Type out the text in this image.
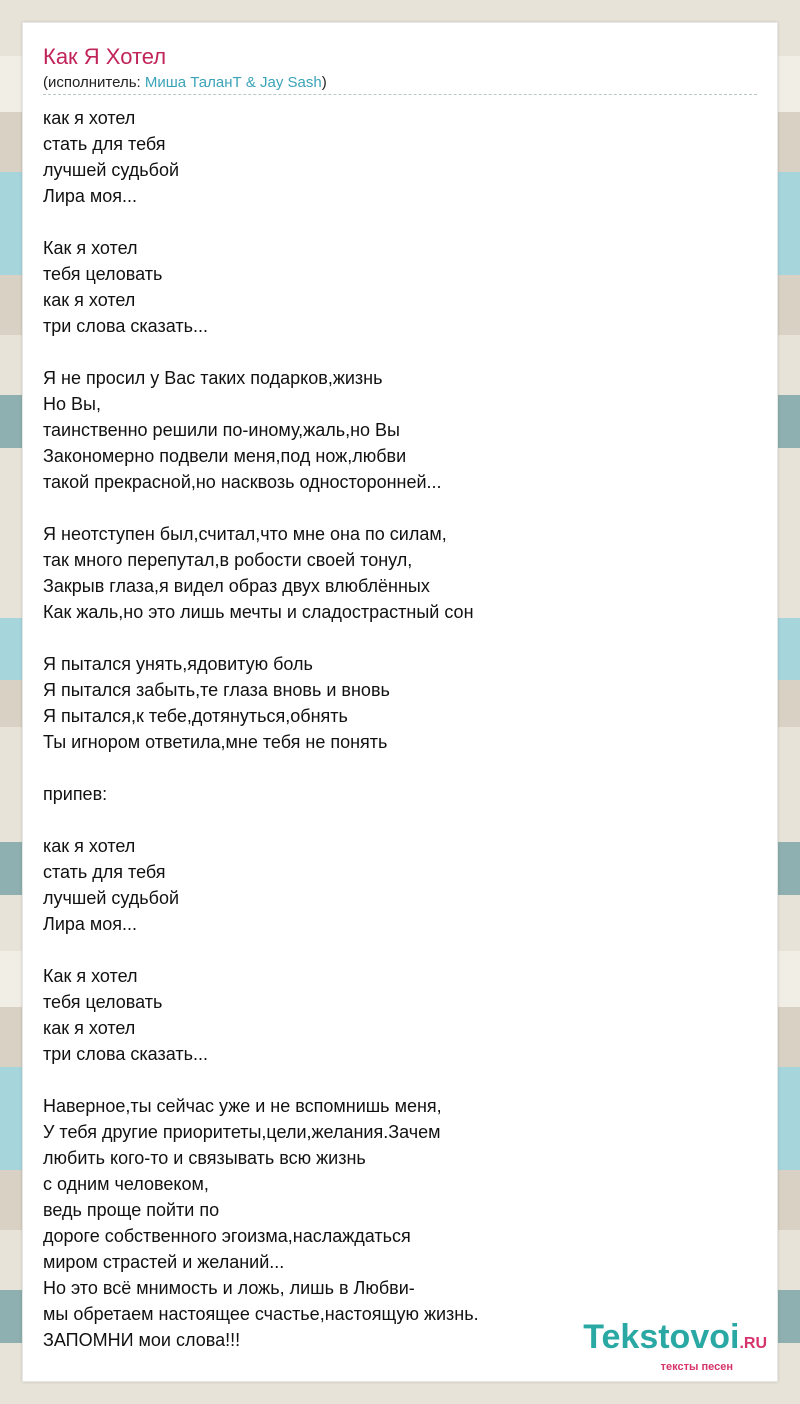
Как Я Хотел
(исполнитель: Миша ТаланТ & Jay Sash)
как я хотел
стать для тебя
лучшей судьбой
Лира моя...

Как я хотел
тебя целовать
как я хотел
три слова сказать...

Я не просил у Вас таких подарков,жизнь
Но Вы,
таинственно решили по-иному,жаль,но Вы
Закономерно подвели меня,под нож,любви
такой прекрасной,но насквозь односторонней...

Я неотступен был,считал,что мне она по силам,
так много перепутал,в робости своей тонул,
Закрыв глаза,я видел образ двух влюблённых
Как жаль,но это лишь мечты и сладострастный сон

Я пытался унять,ядовитую боль
Я пытался забыть,те глаза вновь и вновь
Я пытался,к тебе,дотянуться,обнять
Ты игнором ответила,мне тебя не понять

припев:

как я хотел
стать для тебя
лучшей судьбой
Лира моя...

Как я хотел
тебя целовать
как я хотел
три слова сказать...

Наверное,ты сейчас уже и не вспомнишь меня,
У тебя другие приоритеты,цели,желания.Зачем
любить кого-то и связывать всю жизнь
с одним человеком,
ведь проще пойти по
дороге собственного эгоизма,наслаждаться
миром страстей и желаний...
Но это всё мнимость и ложь, лишь в Любви-
мы обретаем настоящее счастье,настоящую жизнь.
ЗАПОМНИ мои слова!!!	Tekstovoi.RU
тексты песен
